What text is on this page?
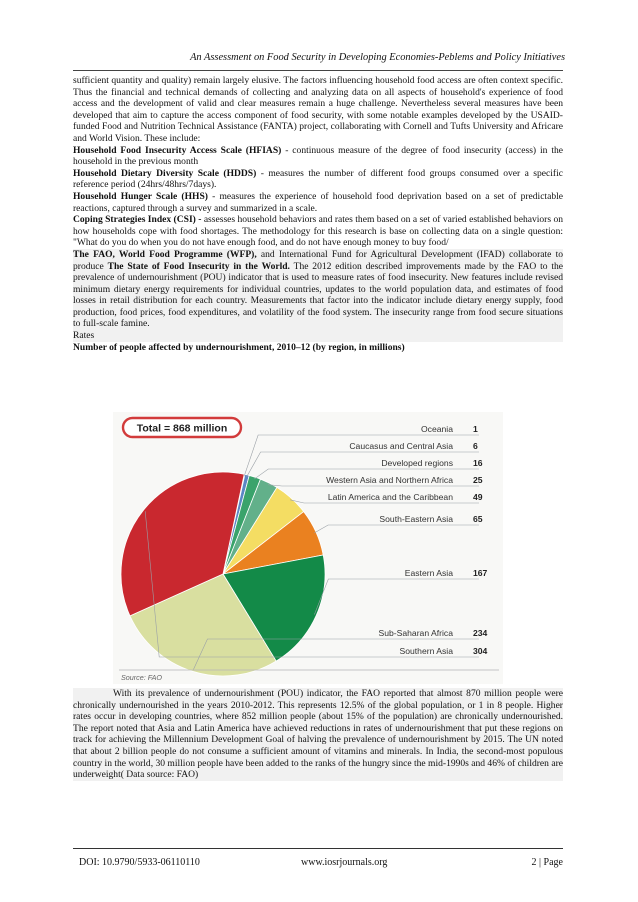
An Assessment on Food Security in Developing Economies-Peblems and Policy Initiatives

sufficient quantity and quality) remain largely elusive. The factors influencing household food access are often context specific. Thus the financial and technical demands of collecting and analyzing data on all aspects of household's experience of food access and the development of valid and clear measures remain a huge challenge. Nevertheless several measures have been developed that aim to capture the access component of food security, with some notable examples developed by the USAID-funded Food and Nutrition Technical Assistance (FANTA) project, collaborating with Cornell and Tufts University and Africare and World Vision. These include:

Household Food Insecurity Access Scale (HFIAS) - continuous measure of the degree of food insecurity (access) in the household in the previous month

Household Dietary Diversity Scale (HDDS) - measures the number of different food groups consumed over a specific reference period (24hrs/48hrs/7days).

Household Hunger Scale (HHS) - measures the experience of household food deprivation based on a set of predictable reactions, captured through a survey and summarized in a scale.

Coping Strategies Index (CSI) - assesses household behaviors and rates them based on a set of varied established behaviors on how households cope with food shortages. The methodology for this research is base on collecting data on a single question: "What do you do when you do not have enough food, and do not have enough money to buy food/

The FAO, World Food Programme (WFP), and International Fund for Agricultural Development (IFAD) collaborate to produce The State of Food Insecurity in the World. The 2012 edition described improvements made by the FAO to the prevalence of undernourishment (POU) indicator that is used to measure rates of food insecurity. New features include revised minimum dietary energy requirements for individual countries, updates to the world population data, and estimates of food losses in retail distribution for each country. Measurements that factor into the indicator include dietary energy supply, food production, food prices, food expenditures, and volatility of the food system. The insecurity range from food secure situations to full-scale famine.

Rates

Number of people affected by undernourishment, 2010–12 (by region, in millions)

Total = 868 million	Oceania 1
Caucasus and Central Asia 6
Developed regions 16
Western Asia and Northern Africa 25
Latin America and the Caribbean 49
South-Eastern Asia 65
Eastern Asia 167
Sub-Saharan Africa 234
Southern Asia 304
Source: FAO
With its prevalence of undernourishment (POU) indicator, the FAO reported that almost 870 million people were chronically undernourished in the years 2010-2012. This represents 12.5% of the global population, or 1 in 8 people. Higher rates occur in developing countries, where 852 million people (about 15% of the population) are chronically undernourished. The report noted that Asia and Latin America have achieved reductions in rates of undernourishment that put these regions on track for achieving the Millennium Development Goal of halving the prevalence of undernourishment by 2015. The UN noted that about 2 billion people do not consume a sufficient amount of vitamins and minerals. In India, the second-most populous country in the world, 30 million people have been added to the ranks of the hungry since the mid-1990s and 46% of children are underweight( Data source: FAO)
DOI: 10.9790/5933-06110110	www.iosrjournals.org	2 | Page
